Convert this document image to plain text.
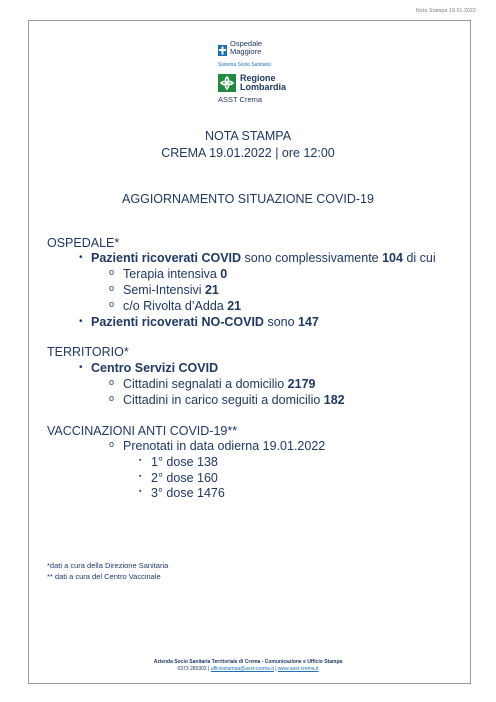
Nota Stampa 19.01.2022
Ospedale
Maggiore
Sistema Socio Sanitario
Regione
Lombardia
ASST Crema
NOTA STAMPA
CREMA 19.01.2022 | ore 12:00
AGGIORNAMENTO SITUAZIONE COVID-19
OSPEDALE*
• Pazienti ricoverati COVID sono complessivamente 104 di cui
o Terapia intensiva 0
o Semi-Intensivi 21
o c/o Rivolta d’Adda 21
• Pazienti ricoverati NO-COVID sono 147
TERRITORIO*
• Centro Servizi COVID
o Cittadini segnalati a domicilio 2179
o Cittadini in carico seguiti a domicilio 182
VACCINAZIONI ANTI COVID-19**
o Prenotati in data odierna 19.01.2022
▪ 1° dose 138
▪ 2° dose 160
▪ 3° dose 1476
*dati a cura della Direzione Sanitaria
** dati a cura del Centro Vaccinale
Azienda Socio Sanitaria Territoriale di Crema - Comunicazione e Ufficio Stampa
0373 280302 | ufficiostampa@asst-crema.it | www.asst-crema.it
